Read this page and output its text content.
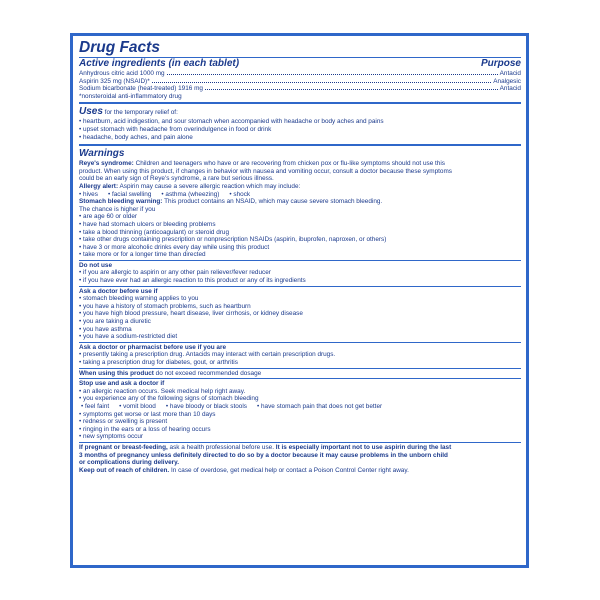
Drug Facts
Active ingredients (in each tablet)	Purpose
Anhydrous citric acid 1000 mg	Antacid
Aspirin 325 mg (NSAID)*	Analgesic
Sodium bicarbonate (heat-treated) 1916 mg	Antacid
*nonsteroidal anti-inflammatory drug
Uses for the temporary relief of:
• heartburn, acid indigestion, and sour stomach when accompanied with headache or body aches and pains
• upset stomach with headache from overindulgence in food or drink
• headache, body aches, and pain alone
Warnings
Reye's syndrome: Children and teenagers who have or are recovering from chicken pox or flu-like symptoms should not use this
product. When using this product, if changes in behavior with nausea and vomiting occur, consult a doctor because these symptoms
could be an early sign of Reye's syndrome, a rare but serious illness.
Allergy alert: Aspirin may cause a severe allergic reaction which may include:
• hives • facial swelling • asthma (wheezing) • shock
Stomach bleeding warning: This product contains an NSAID, which may cause severe stomach bleeding.
The chance is higher if you
• are age 60 or older
• have had stomach ulcers or bleeding problems
• take a blood thinning (anticoagulant) or steroid drug
• take other drugs containing prescription or nonprescription NSAIDs (aspirin, ibuprofen, naproxen, or others)
• have 3 or more alcoholic drinks every day while using this product
• take more or for a longer time than directed
Do not use
• if you are allergic to aspirin or any other pain reliever/fever reducer
• if you have ever had an allergic reaction to this product or any of its ingredients
Ask a doctor before use if
• stomach bleeding warning applies to you
• you have a history of stomach problems, such as heartburn
• you have high blood pressure, heart disease, liver cirrhosis, or kidney disease
• you are taking a diuretic
• you have asthma
• you have a sodium-restricted diet
Ask a doctor or pharmacist before use if you are
• presently taking a prescription drug. Antacids may interact with certain prescription drugs.
• taking a prescription drug for diabetes, gout, or arthritis
When using this product do not exceed recommended dosage
Stop use and ask a doctor if
• an allergic reaction occurs. Seek medical help right away.
• you experience any of the following signs of stomach bleeding
• feel faint • vomit blood • have bloody or black stools • have stomach pain that does not get better
• symptoms get worse or last more than 10 days
• redness or swelling is present
• ringing in the ears or a loss of hearing occurs
• new symptoms occur
If pregnant or breast-feeding, ask a health professional before use. It is especially important not to use aspirin during the last
3 months of pregnancy unless definitely directed to do so by a doctor because it may cause problems in the unborn child
or complications during delivery.
Keep out of reach of children. In case of overdose, get medical help or contact a Poison Control Center right away.
